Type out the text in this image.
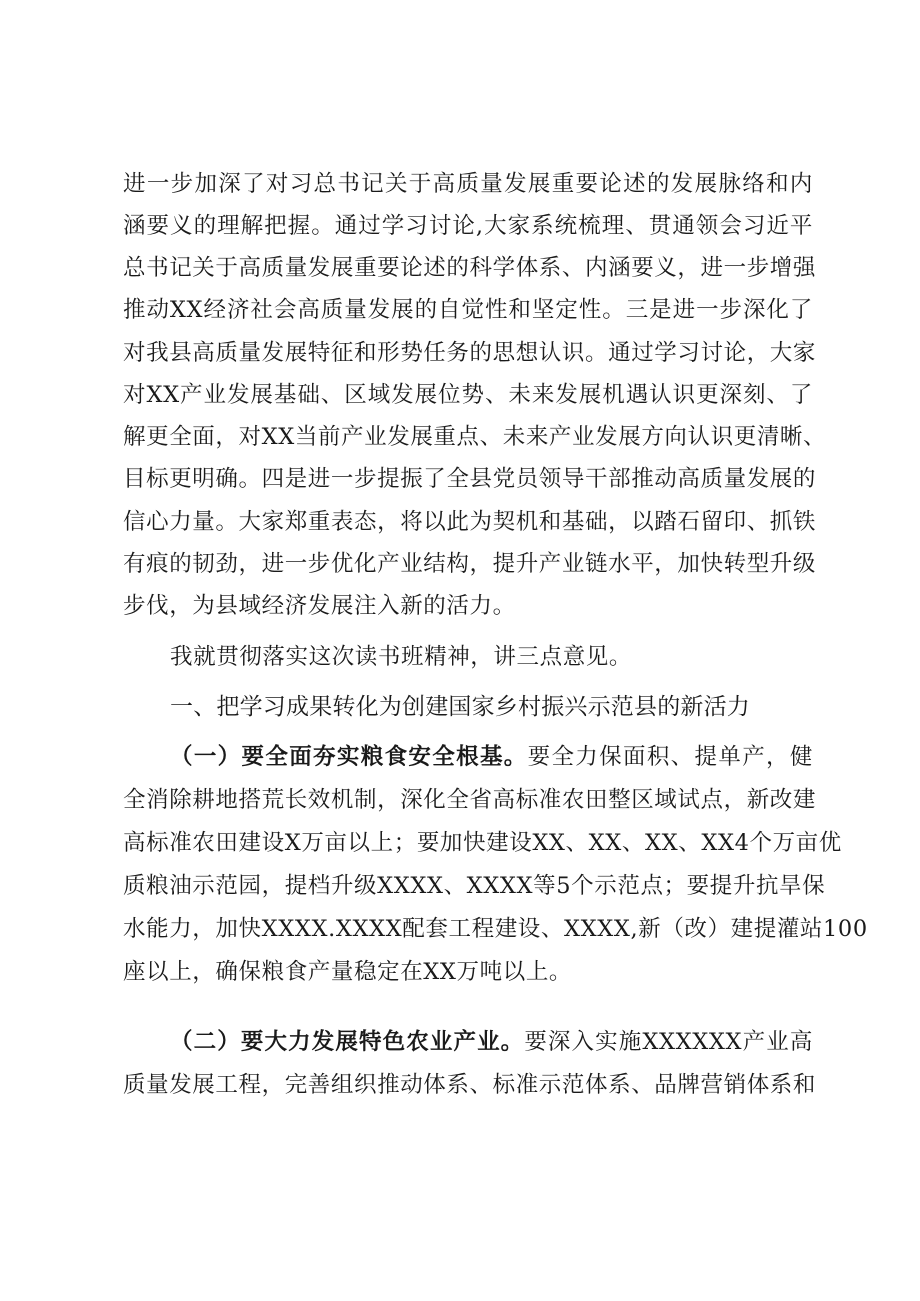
进一步加深了对习总书记关于高质量发展重要论述的发展脉络和内
涵要义的理解把握。通过学习讨论,大家系统梳理、贯通领会习近平
总书记关于高质量发展重要论述的科学体系、内涵要义，进一步增强
推动XX经济社会高质量发展的自觉性和坚定性。三是进一步深化了
对我县高质量发展特征和形势任务的思想认识。通过学习讨论，大家
对XX产业发展基础、区域发展位势、未来发展机遇认识更深刻、了
解更全面，对XX当前产业发展重点、未来产业发展方向认识更清晰、
目标更明确。四是进一步提振了全县党员领导干部推动高质量发展的
信心力量。大家郑重表态，将以此为契机和基础，以踏石留印、抓铁
有痕的韧劲，进一步优化产业结构，提升产业链水平，加快转型升级
步伐，为县域经济发展注入新的活力。
我就贯彻落实这次读书班精神，讲三点意见。
一、把学习成果转化为创建国家乡村振兴示范县的新活力
（一）要全面夯实粮食安全根基。要全力保面积、提单产，健
全消除耕地搭荒长效机制，深化全省高标准农田整区域试点，新改建
高标准农田建设X万亩以上；要加快建设XX、XX、XX、XX4个万亩优
质粮油示范园，提档升级XXXX、XXXX等5个示范点；要提升抗旱保
水能力，加快XXXX.XXXX配套工程建设、XXXX,新（改）建提灌站100
座以上，确保粮食产量稳定在XX万吨以上。
（二）要大力发展特色农业产业。要深入实施XXXXXX产业高
质量发展工程，完善组织推动体系、标准示范体系、品牌营销体系和
